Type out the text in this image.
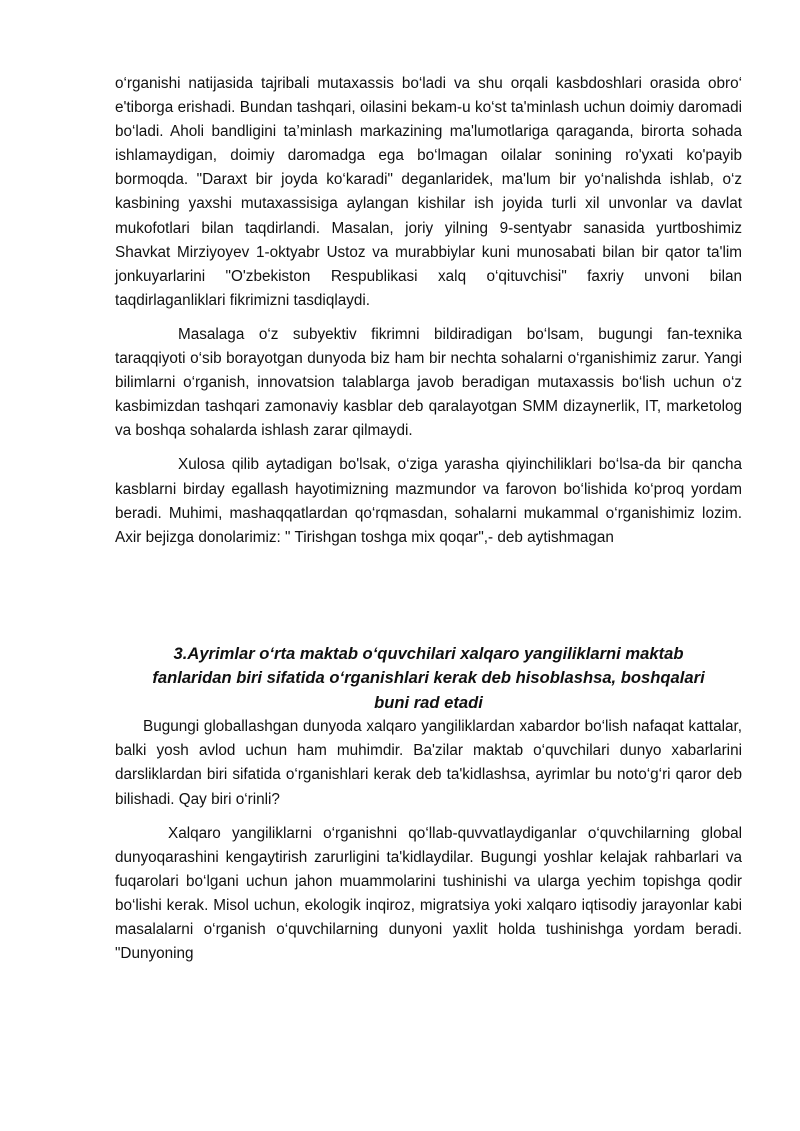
o‘rganishi natijasida tajribali mutaxassis bo‘ladi va shu orqali kasbdoshlari orasida obro‘ e'tiborga erishadi. Bundan tashqari, oilasini bekam-u ko‘st ta'minlash uchun doimiy daromadi bo‘ladi. Aholi bandligini ta’minlash markazining ma'lumotlariga qaraganda, birorta sohada ishlamaydigan, doimiy daromadga ega bo‘lmagan oilalar sonining ro'yxati ko'payib bormoqda. "Daraxt bir joyda ko‘karadi" deganlaridek, ma'lum bir yo‘nalishda ishlab, o‘z kasbining yaxshi mutaxassisiga aylangan kishilar ish joyida turli xil unvonlar va davlat mukofotlari bilan taqdirlandi. Masalan, joriy yilning 9-sentyabr sanasida yurtboshimiz Shavkat Mirziyoyev 1-oktyabr Ustoz va murabbiylar kuni munosabati bilan bir qator ta'lim jonkuyarlarini "O'zbekiston Respublikasi xalq o‘qituvchisi" faxriy unvoni bilan taqdirlaganliklari fikrimizni tasdiqlaydi.

Masalaga o‘z subyektiv fikrimni bildiradigan bo‘lsam, bugungi fan-texnika taraqqiyoti o‘sib borayotgan dunyoda biz ham bir nechta sohalarni o‘rganishimiz zarur. Yangi bilimlarni o‘rganish, innovatsion talablarga javob beradigan mutaxassis bo‘lish uchun o‘z kasbimizdan tashqari zamonaviy kasblar deb qaralayotgan SMM dizaynerlik, IT, marketolog va boshqa sohalarda ishlash zarar qilmaydi.

Xulosa qilib aytadigan bo'lsak, o‘ziga yarasha qiyinchiliklari bo‘lsa-da bir qancha kasblarni birday egallash hayotimizning mazmundor va farovon bo‘lishida ko‘proq yordam beradi. Muhimi, mashaqqatlardan qo‘rqmasdan, sohalarni mukammal o‘rganishimiz lozim. Axir bejizga donolarimiz: " Tirishgan toshga mix qoqar",- deb aytishmagan

3.Ayrimlar o‘rta maktab o‘quvchilari xalqaro yangiliklarni maktab fanlaridan biri sifatida o‘rganishlari kerak deb hisoblashsa, boshqalari buni rad etadi

Bugungi globallashgan dunyoda xalqaro yangiliklardan xabardor bo‘lish nafaqat kattalar, balki yosh avlod uchun ham muhimdir. Ba'zilar maktab o‘quvchilari dunyo xabarlarini darsliklardan biri sifatida o‘rganishlari kerak deb ta'kidlashsa, ayrimlar bu noto‘g‘ri qaror deb bilishadi. Qay biri o‘rinli?

Xalqaro yangiliklarni o‘rganishni qo‘llab-quvvatlaydiganlar o‘quvchilarning global dunyoqarashini kengaytirish zarurligini ta'kidlaydilar. Bugungi yoshlar kelajak rahbarlari va fuqarolari bo‘lgani uchun jahon muammolarini tushinishi va ularga yechim topishga qodir bo‘lishi kerak. Misol uchun, ekologik inqiroz, migratsiya yoki xalqaro iqtisodiy jarayonlar kabi masalalarni o‘rganish o‘quvchilarning dunyoni yaxlit holda tushinishga yordam beradi. "Dunyoning
